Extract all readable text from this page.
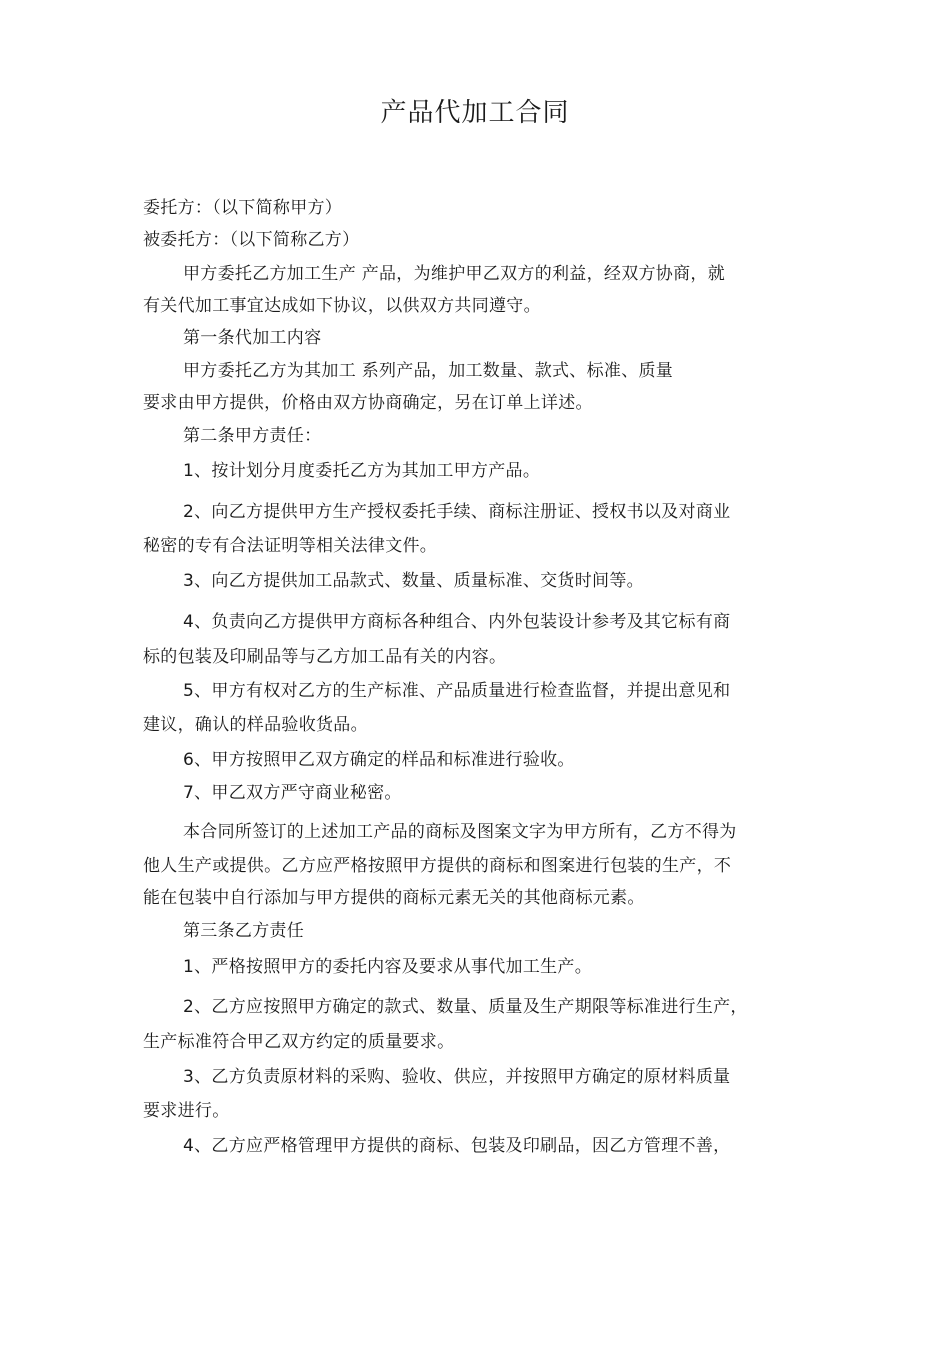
产品代加工合同
委托方：（以下简称甲方）
被委托方：（以下简称乙方）
甲方委托乙方加工生产 产品，为维护甲乙双方的利益，经双方协商，就
有关代加工事宜达成如下协议，以供双方共同遵守。
第一条代加工内容
甲方委托乙方为其加工 系列产品，加工数量、款式、标准、质量
要求由甲方提供，价格由双方协商确定，另在订单上详述。
第二条甲方责任：
1、按计划分月度委托乙方为其加工甲方产品。
2、向乙方提供甲方生产授权委托手续、商标注册证、授权书以及对商业
秘密的专有合法证明等相关法律文件。
3、向乙方提供加工品款式、数量、质量标准、交货时间等。
4、负责向乙方提供甲方商标各种组合、内外包装设计参考及其它标有商
标的包装及印刷品等与乙方加工品有关的内容。
5、甲方有权对乙方的生产标准、产品质量进行检查监督，并提出意见和
建议，确认的样品验收货品。
6、甲方按照甲乙双方确定的样品和标准进行验收。
7、甲乙双方严守商业秘密。
本合同所签订的上述加工产品的商标及图案文字为甲方所有，乙方不得为
他人生产或提供。乙方应严格按照甲方提供的商标和图案进行包装的生产，不
能在包装中自行添加与甲方提供的商标元素无关的其他商标元素。
第三条乙方责任
1、严格按照甲方的委托内容及要求从事代加工生产。
2、乙方应按照甲方确定的款式、数量、质量及生产期限等标准进行生产，
生产标准符合甲乙双方约定的质量要求。
3、乙方负责原材料的采购、验收、供应，并按照甲方确定的原材料质量
要求进行。
4、乙方应严格管理甲方提供的商标、包装及印刷品，因乙方管理不善，
